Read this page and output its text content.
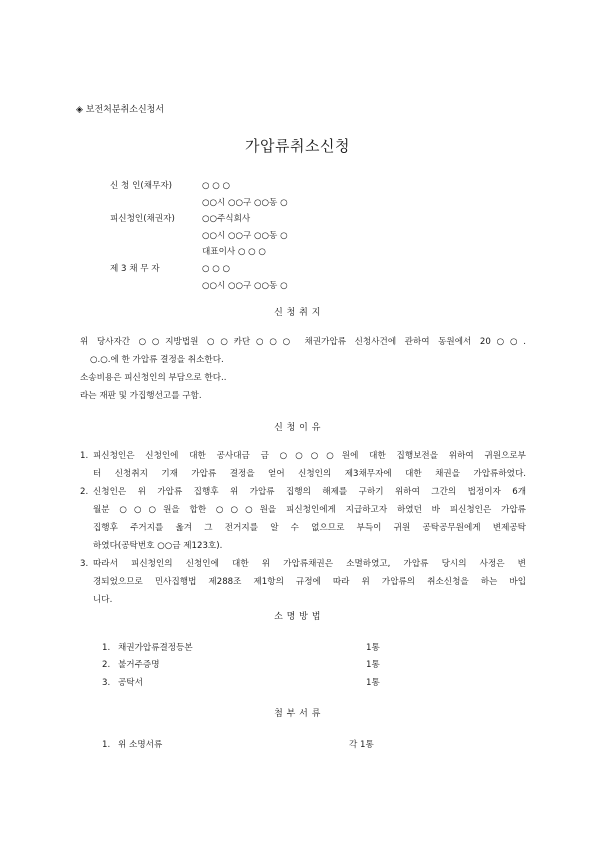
◈ 보전처분취소신청서
가압류취소신청
신 청 인(채무자)	○ ○ ○
○○시 ○○구 ○○동 ○
피신청인(채권자)	○○주식회사
○○시 ○○구 ○○동 ○
대표이사 ○ ○ ○
제 3 채 무 자	○ ○ ○
○○시 ○○구 ○○동 ○
신 청 취 지
위 당사자간 ○○지방법원 ○○카단○○○ 채권가압류 신청사건에 관하여 동원에서 20○○.
○.○.에 한 가압류 결정을 취소한다.
소송비용은 피신청인의 부담으로 한다..
라는 재판 및 가집행선고를 구함.
신 청 이 유
1. 피신청인은 신청인에 대한 공사대금 금 ○○○○원에 대한 집행보전을 위하여 귀원으로부
터 신청취지 기재 가압류 결정을 얻어 신청인의 제3채무자에 대한 채권을 가압류하였다.
2. 신청인은 위 가압류 집행후 위 가압류 집행의 해제를 구하기 위하여 그간의 법정이자 6개
월분 ○○○원을 합한 ○○○원을 피신청인에게 지급하고자 하였던 바 피신청인은 가압류
집행후 주거지를 옮겨 그 전거지를 알 수 없으므로 부득이 귀원 공탁공무원에게 변제공탁
하였다(공탁번호 ○○금 제123호).
3. 따라서 피신청인의 신청인에 대한 위 가압류채권은 소멸하였고, 가압류 당시의 사정은 변
경되었으므로 민사집행법 제288조 제1항의 규정에 따라 위 가압류의 취소신청을 하는 바입
니다.
소 명 방 법
1. 채권가압류결정등본	1통
2. 불거주증명	1통
3. 공탁서	1통
첨 부 서 류
1. 위 소명서류	각 1통
